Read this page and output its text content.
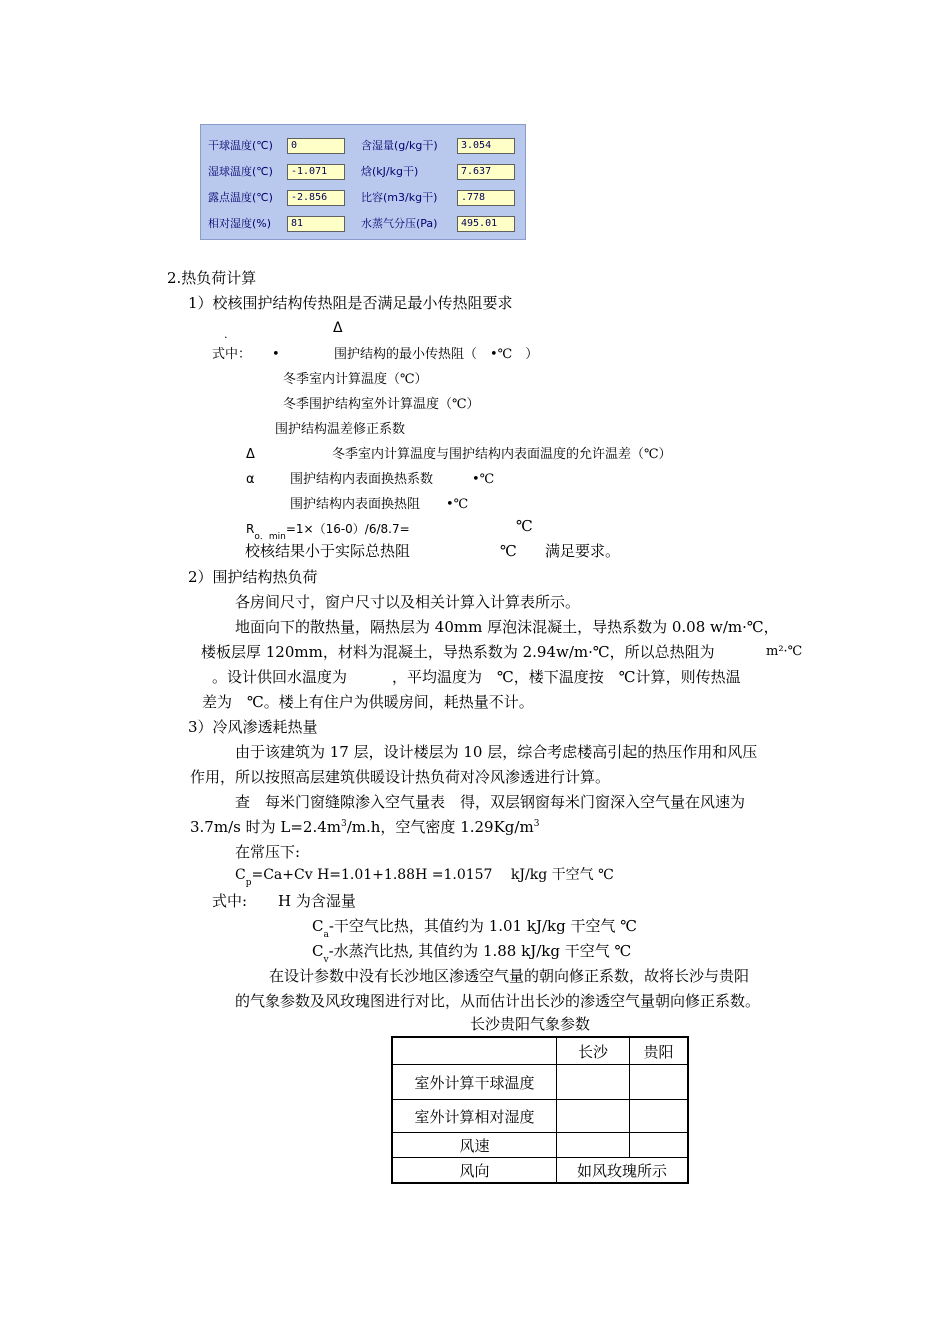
干球温度(℃)	0	含湿量(g/kg干)	3.054
湿球温度(℃)	-1.071	焓(kJ/kg干)	7.637
露点温度(℃)	-2.856	比容(m3/kg干)	.778
相对湿度(%)	81	水蒸气分压(Pa)	495.01
2.热负荷计算
1）校核围护结构传热阻是否满足最小传热阻要求
.	Δ
式中： •	围护结构的最小传热阻（　•℃　）
冬季室内计算温度（℃）
冬季围护结构室外计算温度（℃）
围护结构温差修正系数
Δ	冬季室内计算温度与围护结构内表面温度的允许温差（℃）
α	围护结构内表面换热系数　　　•℃
围护结构内表面换热阻　　•℃
$R_{o.min}=1\times(16-0)/6/8.7=$	℃
校核结果小于实际总热阻	℃ 满足要求。
2）围护结构热负荷
各房间尺寸，窗户尺寸以及相关计算入计算表所示。
地面向下的散热量，隔热层为 40mm 厚泡沫混凝土，导热系数为 0.08 w/m·℃，
楼板层厚 120mm，材料为混凝土，导热系数为 2.94w/m·℃，所以总热阻为	m²·℃
。设计供回水温度为　　　，平均温度为　℃，楼下温度按　℃计算，则传热温
差为　℃。楼上有住户为供暖房间，耗热量不计。
3）冷风渗透耗热量
由于该建筑为 17 层，设计楼层为 10 层，综合考虑楼高引起的热压作用和风压
作用，所以按照高层建筑供暖设计热负荷对冷风渗透进行计算。
查　每米门窗缝隙渗入空气量表　得，双层钢窗每米门窗深入空气量在风速为
3.7m/s 时为 $L=2.4m^3/m.h$，空气密度 $1.29Kg/m^3$
在常压下:
$C_p=Ca+Cv$ H=1.01+1.88H =1.0157　 kJ/kg 干空气 ℃
式中: H 为含湿量
$C_a-$干空气比热，其值约为 1.01 kJ/kg 干空气 ℃
$C_v-$水蒸汽比热, 其值约为 1.88 kJ/kg 干空气 ℃
在设计参数中没有长沙地区渗透空气量的朝向修正系数，故将长沙与贵阳
的气象参数及风玫瑰图进行对比，从而估计出长沙的渗透空气量朝向修正系数。
长沙贵阳气象参数
	长沙	贵阳
室外计算干球温度		
室外计算相对湿度		
风速		
风向	如风玫瑰所示	
